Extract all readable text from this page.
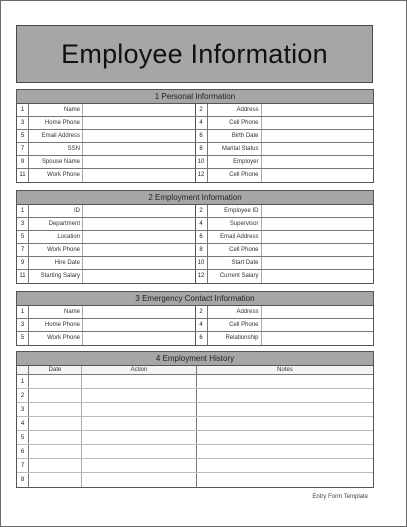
Employee Information
1 Personal Information
1	Name	2	Address
3	Home Phone	4	Cell Phone
5	Email Address	6	Birth Date
7	SSN	8	Marital Status
9	Spouse Name	10	Employer
11	Work Phone	12	Cell Phone
2 Employment Information
1	ID	2	Employee ID
3	Department	4	Supervisor
5	Location	6	Email Address
7	Work Phone	8	Cell Phone
9	Hire Date	10	Start Date
11	Starting Salary	12	Current Salary
3 Emergency Contact Information
1	Name	2	Address
3	Home Phone	4	Cell Phone
5	Work Phone	6	Relationship
4 Employment History
Date	Action	Notes
1
2
3
4
5
6
7
8
Entry Form Template
